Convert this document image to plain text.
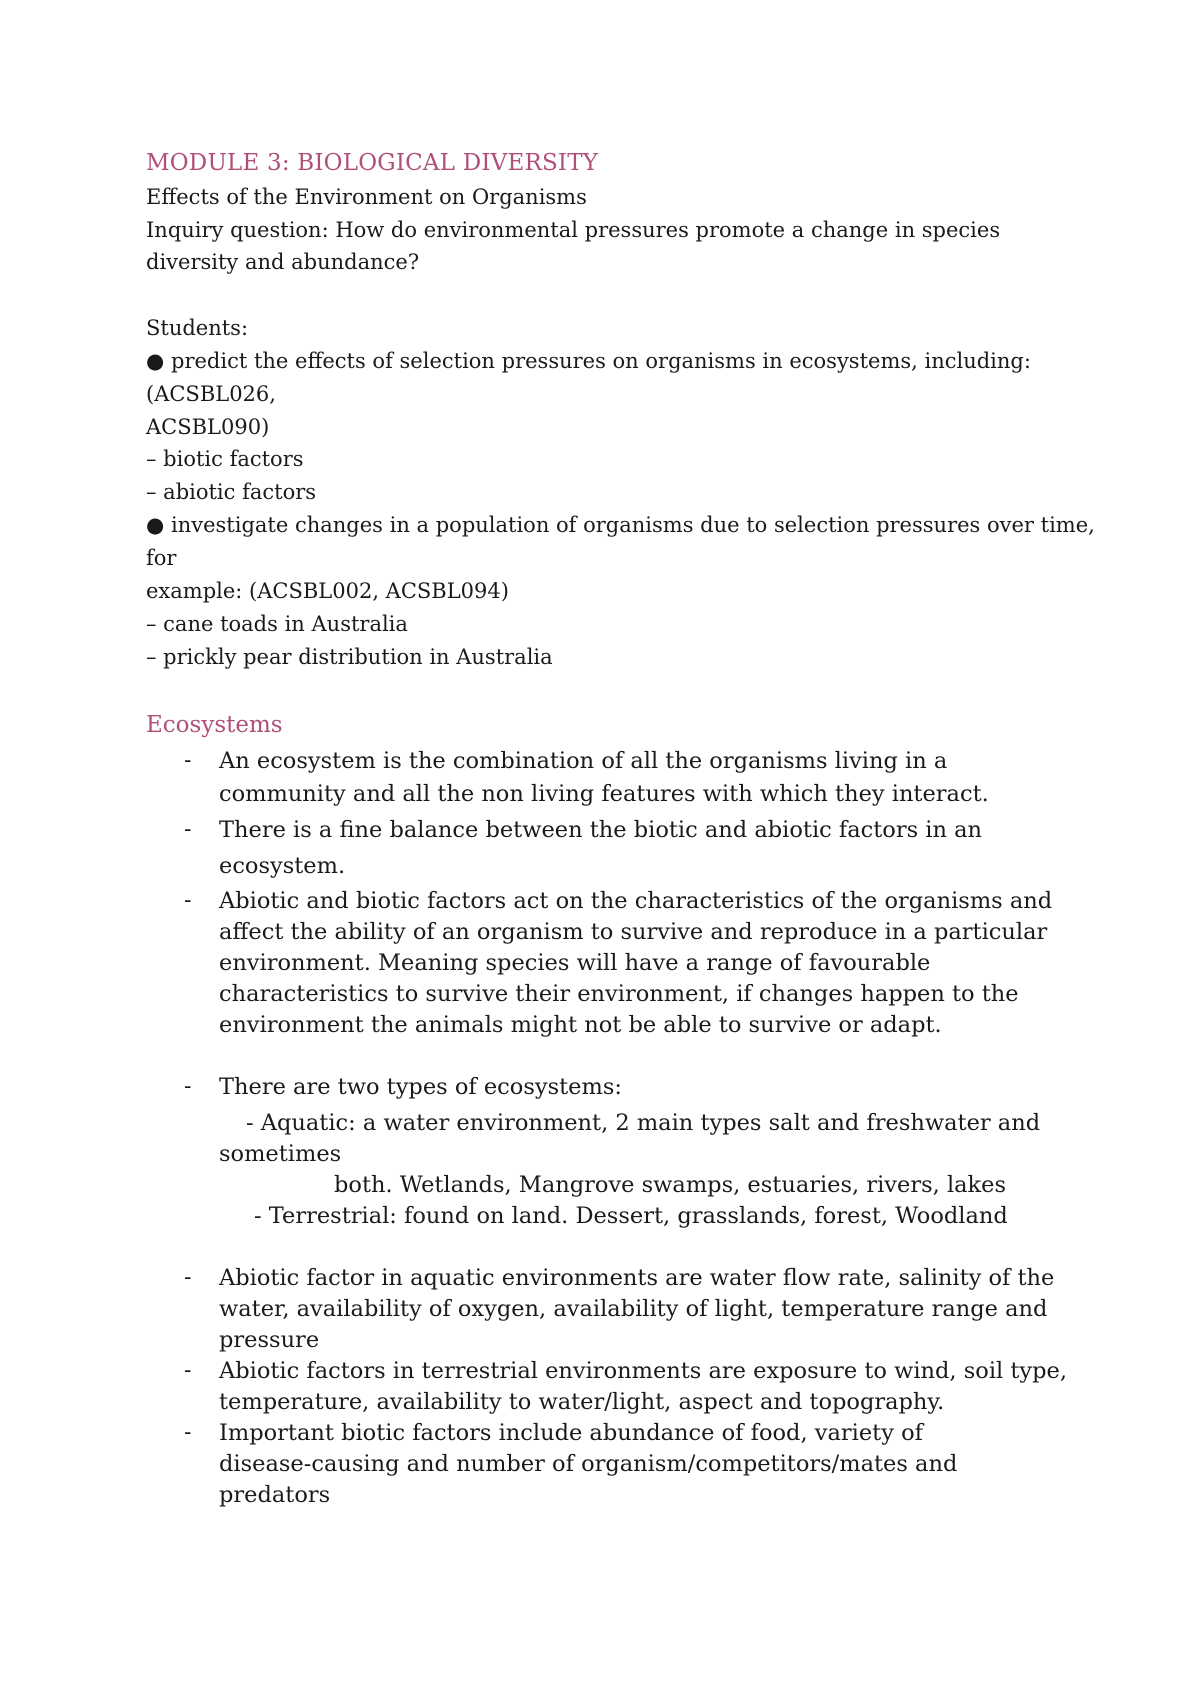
MODULE 3: BIOLOGICAL DIVERSITY
Effects of the Environment on Organisms
Inquiry question: How do environmental pressures promote a change in species
diversity and abundance?
Students:
● predict the effects of selection pressures on organisms in ecosystems, including:
(ACSBL026,
ACSBL090)
– biotic factors
– abiotic factors
● investigate changes in a population of organisms due to selection pressures over time,
for
example: (ACSBL002, ACSBL094)
– cane toads in Australia
– prickly pear distribution in Australia
Ecosystems
- An ecosystem is the combination of all the organisms living in a
community and all the non living features with which they interact.
- There is a fine balance between the biotic and abiotic factors in an
ecosystem.
- Abiotic and biotic factors act on the characteristics of the organisms and
affect the ability of an organism to survive and reproduce in a particular
environment. Meaning species will have a range of favourable
characteristics to survive their environment, if changes happen to the
environment the animals might not be able to survive or adapt.
- There are two types of ecosystems:
- Aquatic: a water environment, 2 main types salt and freshwater and
sometimes
both. Wetlands, Mangrove swamps, estuaries, rivers, lakes
- Terrestrial: found on land. Dessert, grasslands, forest, Woodland
- Abiotic factor in aquatic environments are water flow rate, salinity of the
water, availability of oxygen, availability of light, temperature range and
pressure
- Abiotic factors in terrestrial environments are exposure to wind, soil type,
temperature, availability to water/light, aspect and topography.
- Important biotic factors include abundance of food, variety of
disease-causing and number of organism/competitors/mates and
predators
